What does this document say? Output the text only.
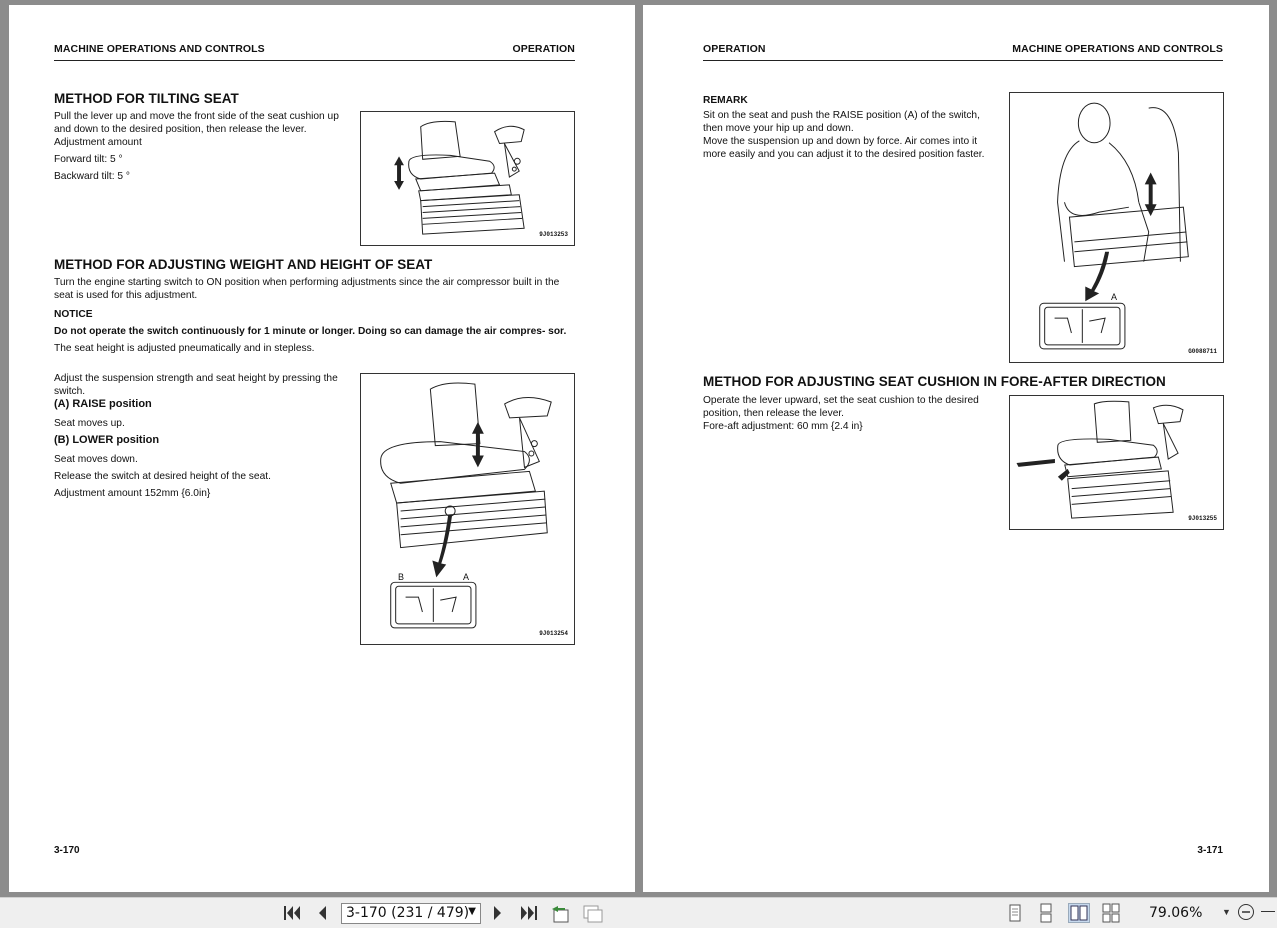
MACHINE OPERATIONS AND CONTROLS	OPERATION
METHOD FOR TILTING SEAT

Pull the lever up and move the front side of the seat cushion up and down to the desired position, then release the lever.

Adjustment amount

Forward tilt: 5 °

Backward tilt: 5 °

9J013253
METHOD FOR ADJUSTING WEIGHT AND HEIGHT OF SEAT

Turn the engine starting switch to ON position when performing adjustments since the air compressor built in the seat is used for this adjustment.

NOTICE

Do not operate the switch continuously for 1 minute or longer. Doing so can damage the air compres- sor.

The seat height is adjusted pneumatically and in stepless.

Adjust the suspension strength and seat height by pressing the switch.

(A) RAISE position

Seat moves up.

(B) LOWER position

Seat moves down.

Release the switch at desired height of the seat.

Adjustment amount 152mm {6.0in}

B	A
9J013254
3-170
OPERATION	MACHINE OPERATIONS AND CONTROLS

REMARK

Sit on the seat and push the RAISE position (A) of the switch, then move your hip up and down.

Move the suspension up and down by force. Air comes into it more easily and you can adjust it to the desired position faster.

A
G0088711
METHOD FOR ADJUSTING SEAT CUSHION IN FORE-AFTER DIRECTION

Operate the lever upward, set the seat cushion to the desired position, then release the lever.

Fore-aft adjustment: 60 mm {2.4 in}

9J013255
3-171
3-170 (231 / 479) ▼	79.06% ▼
